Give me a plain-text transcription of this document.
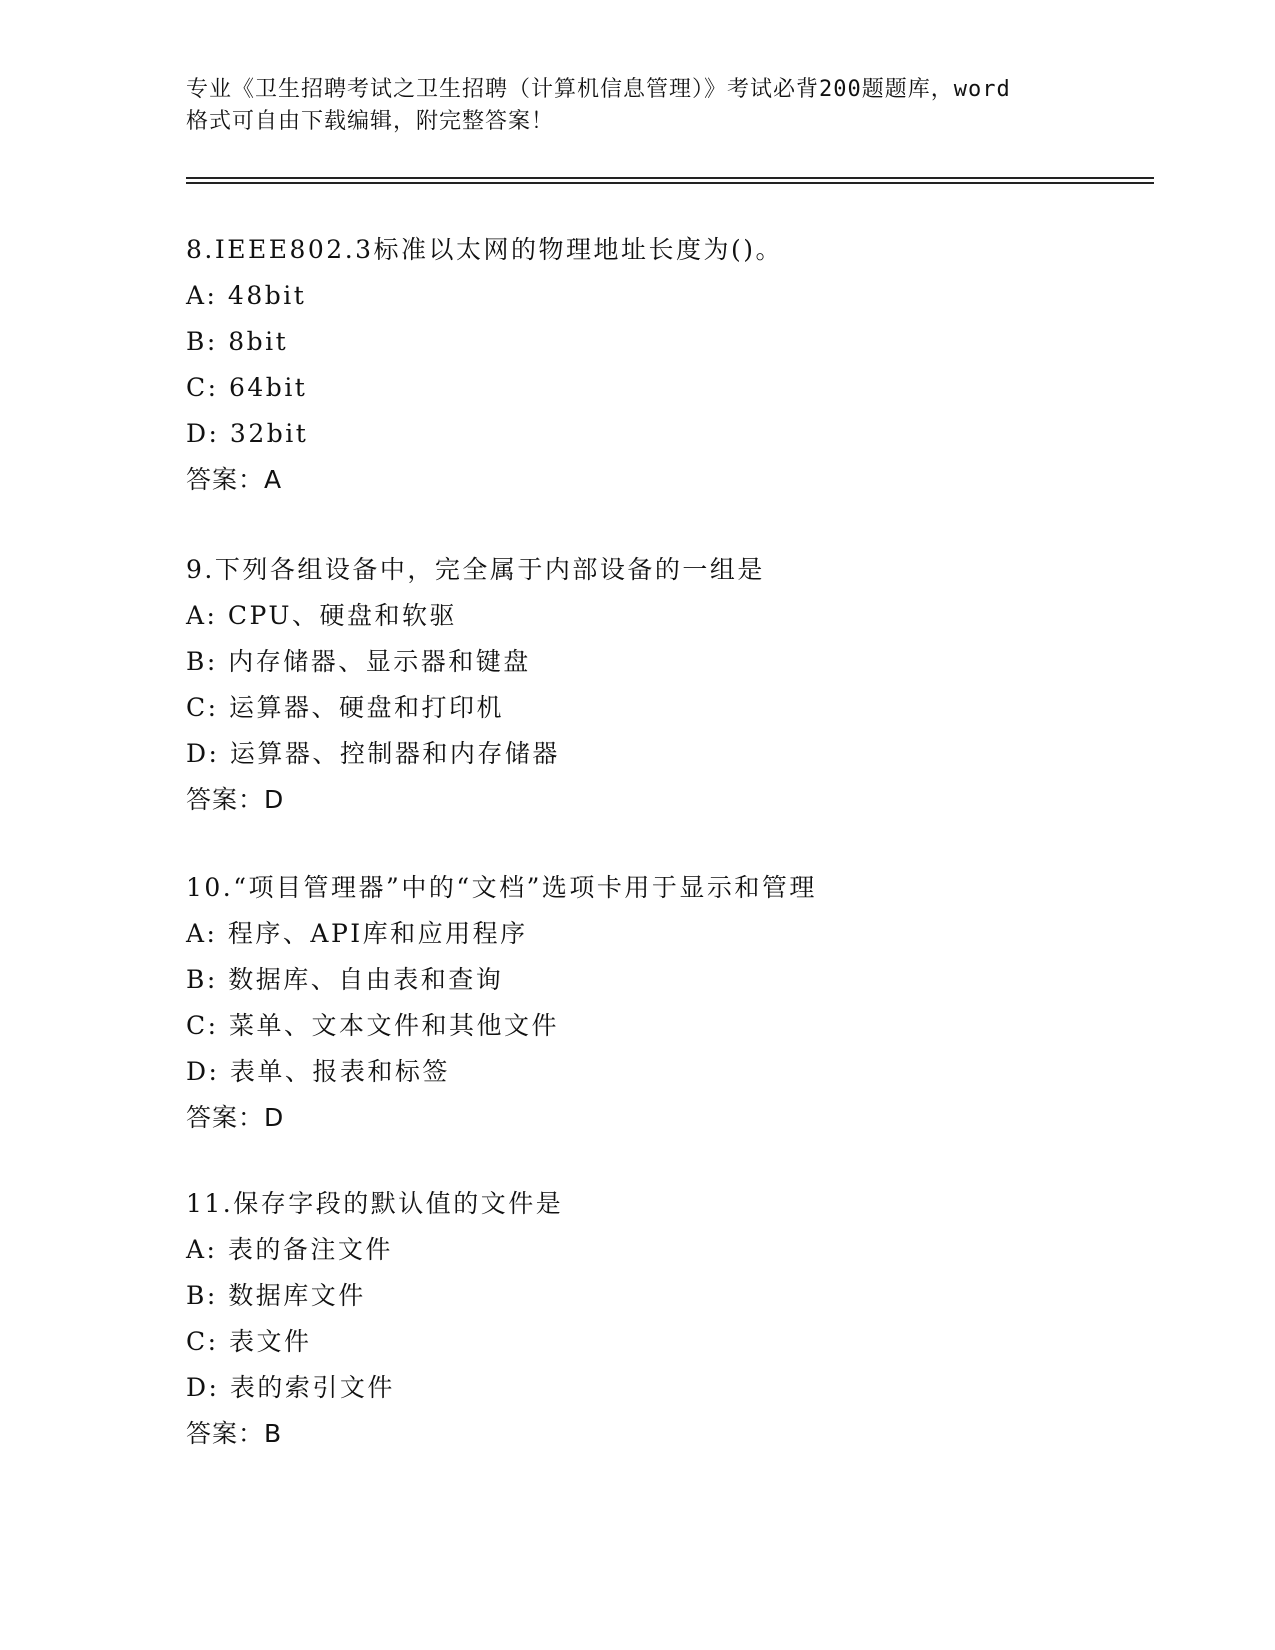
专业《卫生招聘考试之卫生招聘（计算机信息管理）》考试必背200题题库，word
格式可自由下载编辑，附完整答案！
8.IEEE802.3标准以太网的物理地址长度为()。
A: 48bit
B: 8bit
C: 64bit
D: 32bit
答案：A
9.下列各组设备中，完全属于内部设备的一组是
A: CPU、硬盘和软驱
B: 内存储器、显示器和键盘
C: 运算器、硬盘和打印机
D: 运算器、控制器和内存储器
答案：D
10.“项目管理器”中的“文档”选项卡用于显示和管理
A: 程序、API库和应用程序
B: 数据库、自由表和查询
C: 菜单、文本文件和其他文件
D: 表单、报表和标签
答案：D
11.保存字段的默认值的文件是
A: 表的备注文件
B: 数据库文件
C: 表文件
D: 表的索引文件
答案：B
